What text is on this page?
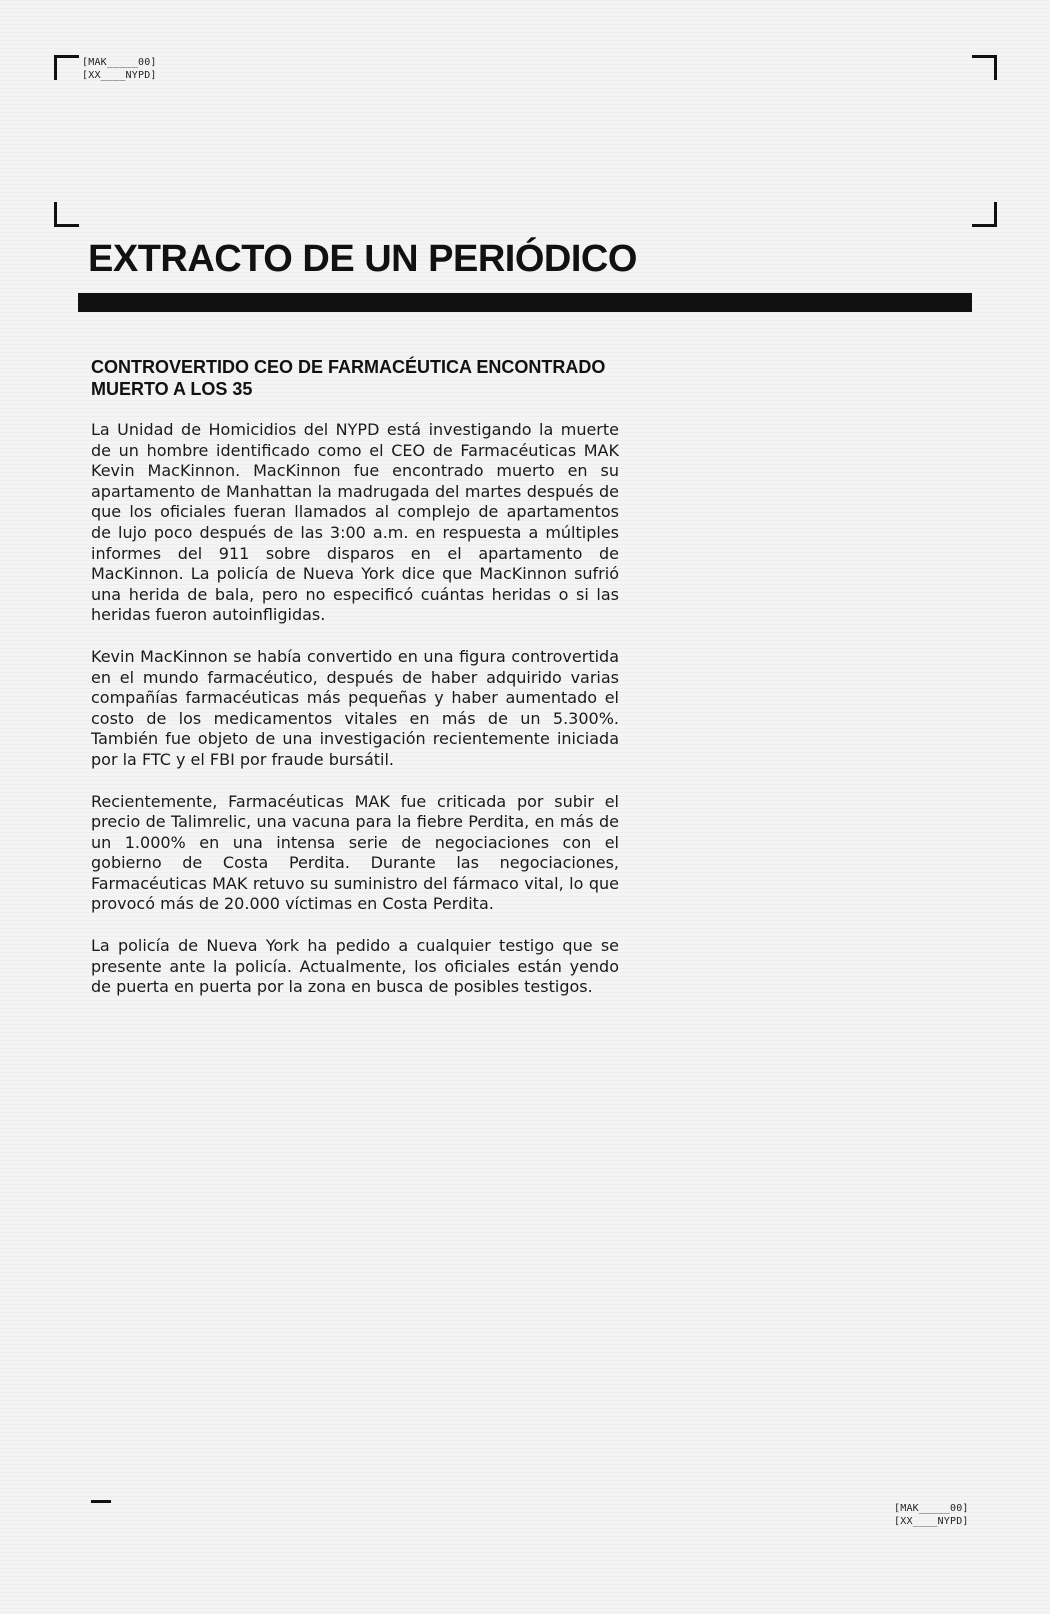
[MAK_____00]
[XX____NYPD]
EXTRACTO DE UN PERIÓDICO
CONTROVERTIDO CEO DE FARMACÉUTICA ENCONTRADO
MUERTO A LOS 35

La Unidad de Homicidios del NYPD está investigando la muerte de un hombre identificado como el CEO de Farmacéuticas MAK Kevin MacKinnon. MacKinnon fue encontrado muerto en su apartamento de Manhattan la madrugada del martes después de que los oficiales fueran llamados al complejo de apartamentos de lujo poco después de las 3:00 a.m. en respuesta a múltiples informes del 911 sobre disparos en el apartamento de MacKinnon. La policía de Nueva York dice que MacKinnon sufrió una herida de bala, pero no especificó cuántas heridas o si las heridas fueron autoinfligidas.

Kevin MacKinnon se había convertido en una figura controvertida en el mundo farmacéutico, después de haber adquirido varias compañías farmacéuticas más pequeñas y haber aumentado el costo de los medicamentos vitales en más de un 5.300%. También fue objeto de una investigación recientemente iniciada por la FTC y el FBI por fraude bursátil.

Recientemente, Farmacéuticas MAK fue criticada por subir el precio de Talimrelic, una vacuna para la fiebre Perdita, en más de un 1.000% en una intensa serie de negociaciones con el gobierno de Costa Perdita. Durante las negociaciones, Farmacéuticas MAK retuvo su suministro del fármaco vital, lo que provocó más de 20.000 víctimas en Costa Perdita.

La policía de Nueva York ha pedido a cualquier testigo que se presente ante la policía. Actualmente, los oficiales están yendo de puerta en puerta por la zona en busca de posibles testigos.

[MAK_____00]
[XX____NYPD]
